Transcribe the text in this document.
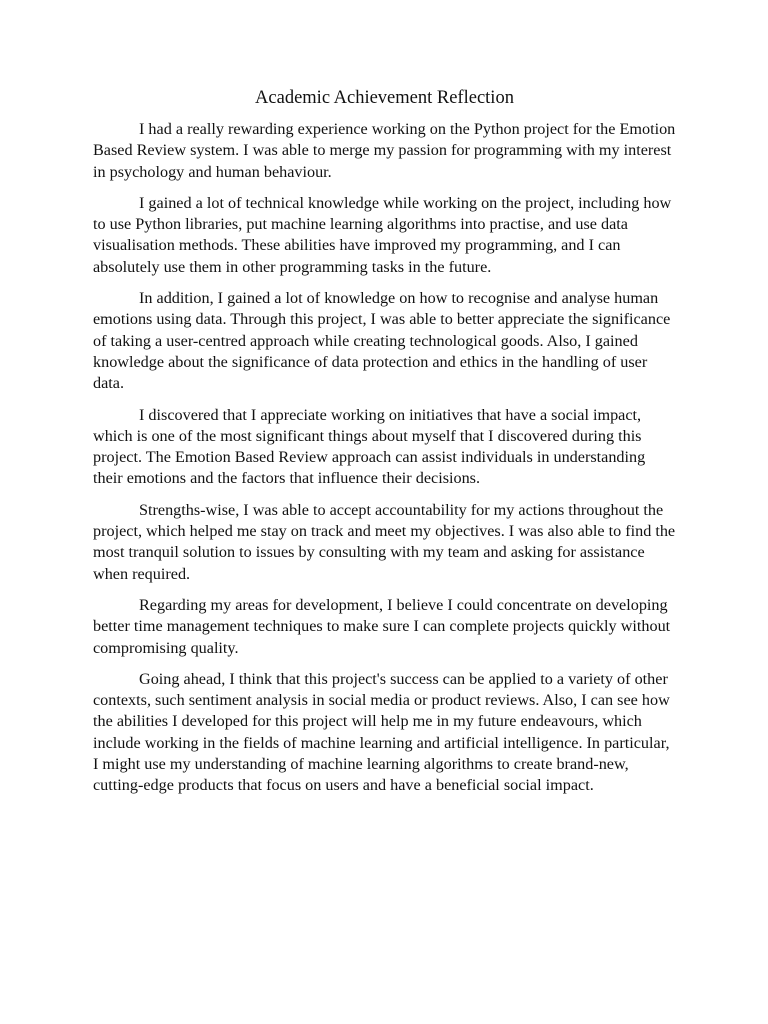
Academic Achievement Reflection

I had a really rewarding experience working on the Python project for the Emotion Based Review system. I was able to merge my passion for programming with my interest in psychology and human behaviour.

I gained a lot of technical knowledge while working on the project, including how to use Python libraries, put machine learning algorithms into practise, and use data visualisation methods. These abilities have improved my programming, and I can absolutely use them in other programming tasks in the future.

In addition, I gained a lot of knowledge on how to recognise and analyse human emotions using data. Through this project, I was able to better appreciate the significance of taking a user-centred approach while creating technological goods. Also, I gained knowledge about the significance of data protection and ethics in the handling of user data.

I discovered that I appreciate working on initiatives that have a social impact, which is one of the most significant things about myself that I discovered during this project. The Emotion Based Review approach can assist individuals in understanding their emotions and the factors that influence their decisions.

Strengths-wise, I was able to accept accountability for my actions throughout the project, which helped me stay on track and meet my objectives. I was also able to find the most tranquil solution to issues by consulting with my team and asking for assistance when required.

Regarding my areas for development, I believe I could concentrate on developing better time management techniques to make sure I can complete projects quickly without compromising quality.

Going ahead, I think that this project's success can be applied to a variety of other contexts, such sentiment analysis in social media or product reviews. Also, I can see how the abilities I developed for this project will help me in my future endeavours, which include working in the fields of machine learning and artificial intelligence. In particular, I might use my understanding of machine learning algorithms to create brand-new, cutting-edge products that focus on users and have a beneficial social impact.
